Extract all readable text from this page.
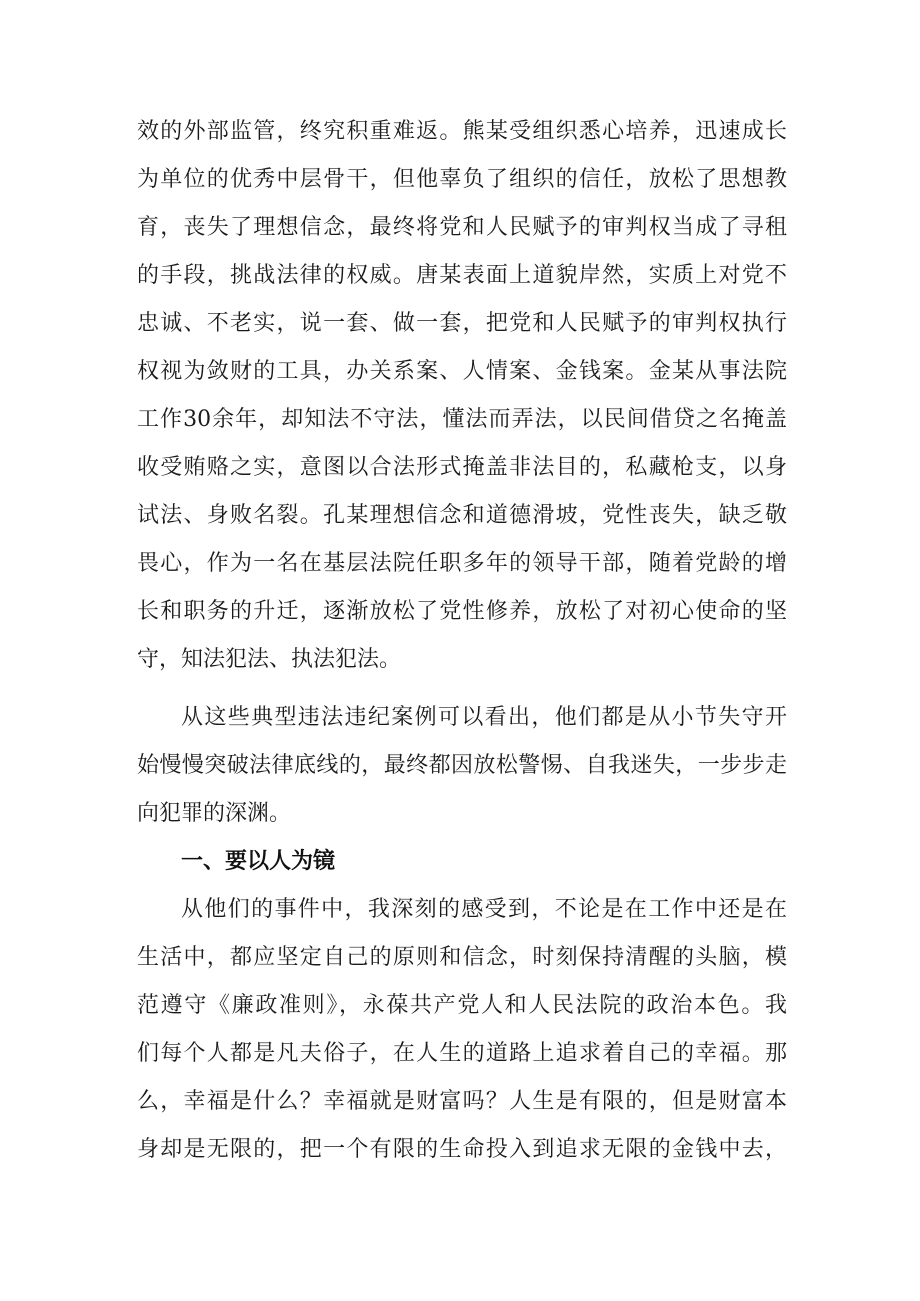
效的外部监管，终究积重难返。熊某受组织悉心培养，迅速成长
为单位的优秀中层骨干，但他辜负了组织的信任，放松了思想教
育，丧失了理想信念，最终将党和人民赋予的审判权当成了寻租
的手段，挑战法律的权威。唐某表面上道貌岸然，实质上对党不
忠诚、不老实，说一套、做一套，把党和人民赋予的审判权执行
权视为敛财的工具，办关系案、人情案、金钱案。金某从事法院
工作30余年，却知法不守法，懂法而弄法，以民间借贷之名掩盖
收受贿赂之实，意图以合法形式掩盖非法目的，私藏枪支，以身
试法、身败名裂。孔某理想信念和道德滑坡，党性丧失，缺乏敬
畏心，作为一名在基层法院任职多年的领导干部，随着党龄的增
长和职务的升迁，逐渐放松了党性修养，放松了对初心使命的坚
守，知法犯法、执法犯法。
从这些典型违法违纪案例可以看出，他们都是从小节失守开
始慢慢突破法律底线的，最终都因放松警惕、自我迷失，一步步走
向犯罪的深渊。
一、要以人为镜
从他们的事件中，我深刻的感受到，不论是在工作中还是在
生活中，都应坚定自己的原则和信念，时刻保持清醒的头脑，模
范遵守《廉政准则》，永葆共产党人和人民法院的政治本色。我
们每个人都是凡夫俗子，在人生的道路上追求着自己的幸福。那
么，幸福是什么？幸福就是财富吗？人生是有限的，但是财富本
身却是无限的，把一个有限的生命投入到追求无限的金钱中去，
